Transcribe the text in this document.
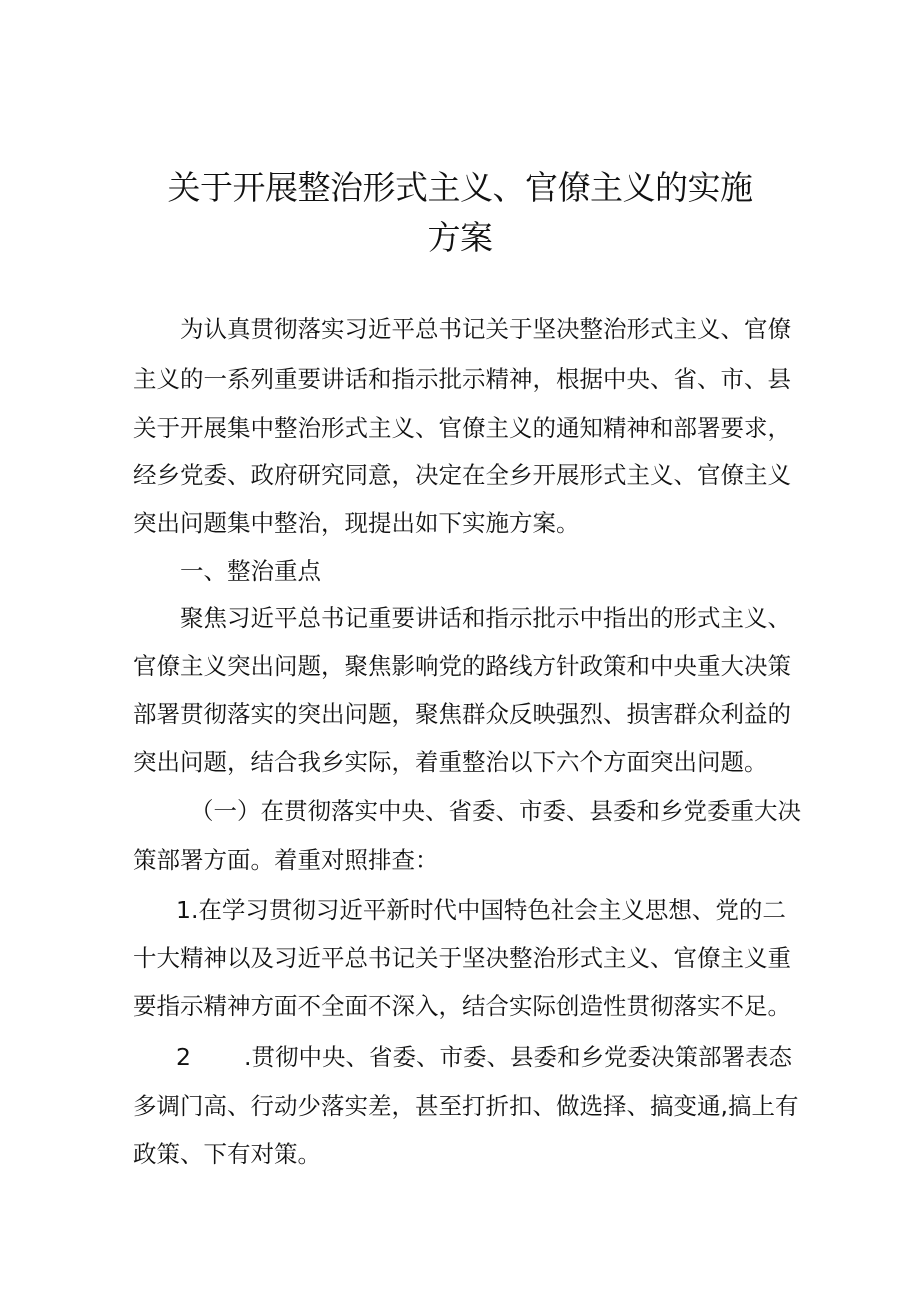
关于开展整治形式主义、官僚主义的实施
方案

为认真贯彻落实习近平总书记关于坚决整治形式主义、官僚

主义的一系列重要讲话和指示批示精神，根据中央、省、市、县

关于开展集中整治形式主义、官僚主义的通知精神和部署要求，

经乡党委、政府研究同意，决定在全乡开展形式主义、官僚主义

突出问题集中整治，现提出如下实施方案。

一、整治重点

聚焦习近平总书记重要讲话和指示批示中指出的形式主义、

官僚主义突出问题，聚焦影响党的路线方针政策和中央重大决策

部署贯彻落实的突出问题，聚焦群众反映强烈、损害群众利益的

突出问题，结合我乡实际，着重整治以下六个方面突出问题。

（一）在贯彻落实中央、省委、市委、县委和乡党委重大决

策部署方面。着重对照排查：

1.在学习贯彻习近平新时代中国特色社会主义思想、党的二

十大精神以及习近平总书记关于坚决整治形式主义、官僚主义重

要指示精神方面不全面不深入，结合实际创造性贯彻落实不足。

2 .贯彻中央、省委、市委、县委和乡党委决策部署表态

多调门高、行动少落实差，甚至打折扣、做选择、搞变通,搞上有

政策、下有对策。
